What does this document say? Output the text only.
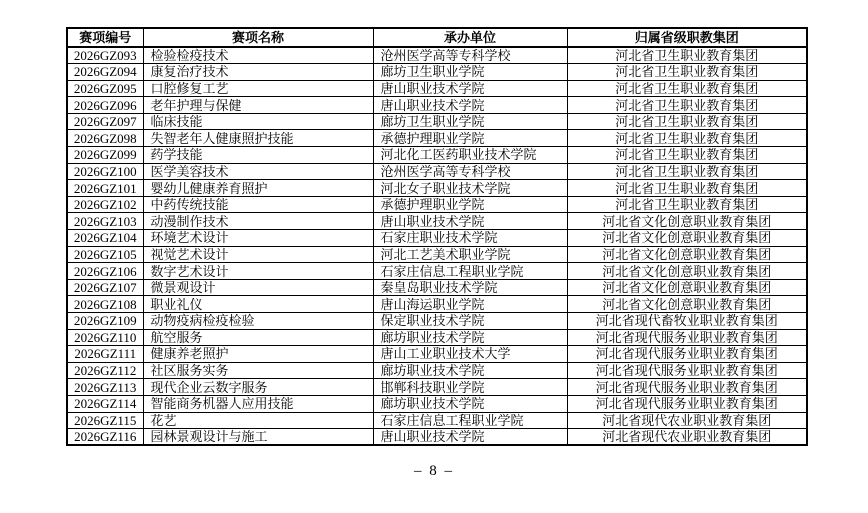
赛项编号	赛项名称	承办单位	归属省级职教集团
2026GZ093	检验检疫技术	沧州医学高等专科学校	河北省卫生职业教育集团
2026GZ094	康复治疗技术	廊坊卫生职业学院	河北省卫生职业教育集团
2026GZ095	口腔修复工艺	唐山职业技术学院	河北省卫生职业教育集团
2026GZ096	老年护理与保健	唐山职业技术学院	河北省卫生职业教育集团
2026GZ097	临床技能	廊坊卫生职业学院	河北省卫生职业教育集团
2026GZ098	失智老年人健康照护技能	承德护理职业学院	河北省卫生职业教育集团
2026GZ099	药学技能	河北化工医药职业技术学院	河北省卫生职业教育集团
2026GZ100	医学美容技术	沧州医学高等专科学校	河北省卫生职业教育集团
2026GZ101	婴幼儿健康养育照护	河北女子职业技术学院	河北省卫生职业教育集团
2026GZ102	中药传统技能	承德护理职业学院	河北省卫生职业教育集团
2026GZ103	动漫制作技术	唐山职业技术学院	河北省文化创意职业教育集团
2026GZ104	环境艺术设计	石家庄职业技术学院	河北省文化创意职业教育集团
2026GZ105	视觉艺术设计	河北工艺美术职业学院	河北省文化创意职业教育集团
2026GZ106	数字艺术设计	石家庄信息工程职业学院	河北省文化创意职业教育集团
2026GZ107	微景观设计	秦皇岛职业技术学院	河北省文化创意职业教育集团
2026GZ108	职业礼仪	唐山海运职业学院	河北省文化创意职业教育集团
2026GZ109	动物疫病检疫检验	保定职业技术学院	河北省现代畜牧业职业教育集团
2026GZ110	航空服务	廊坊职业技术学院	河北省现代服务业职业教育集团
2026GZ111	健康养老照护	唐山工业职业技术大学	河北省现代服务业职业教育集团
2026GZ112	社区服务实务	廊坊职业技术学院	河北省现代服务业职业教育集团
2026GZ113	现代企业云数字服务	邯郸科技职业学院	河北省现代服务业职业教育集团
2026GZ114	智能商务机器人应用技能	廊坊职业技术学院	河北省现代服务业职业教育集团
2026GZ115	花艺	石家庄信息工程职业学院	河北省现代农业职业教育集团
2026GZ116	园林景观设计与施工	唐山职业技术学院	河北省现代农业职业教育集团
– 8 –
